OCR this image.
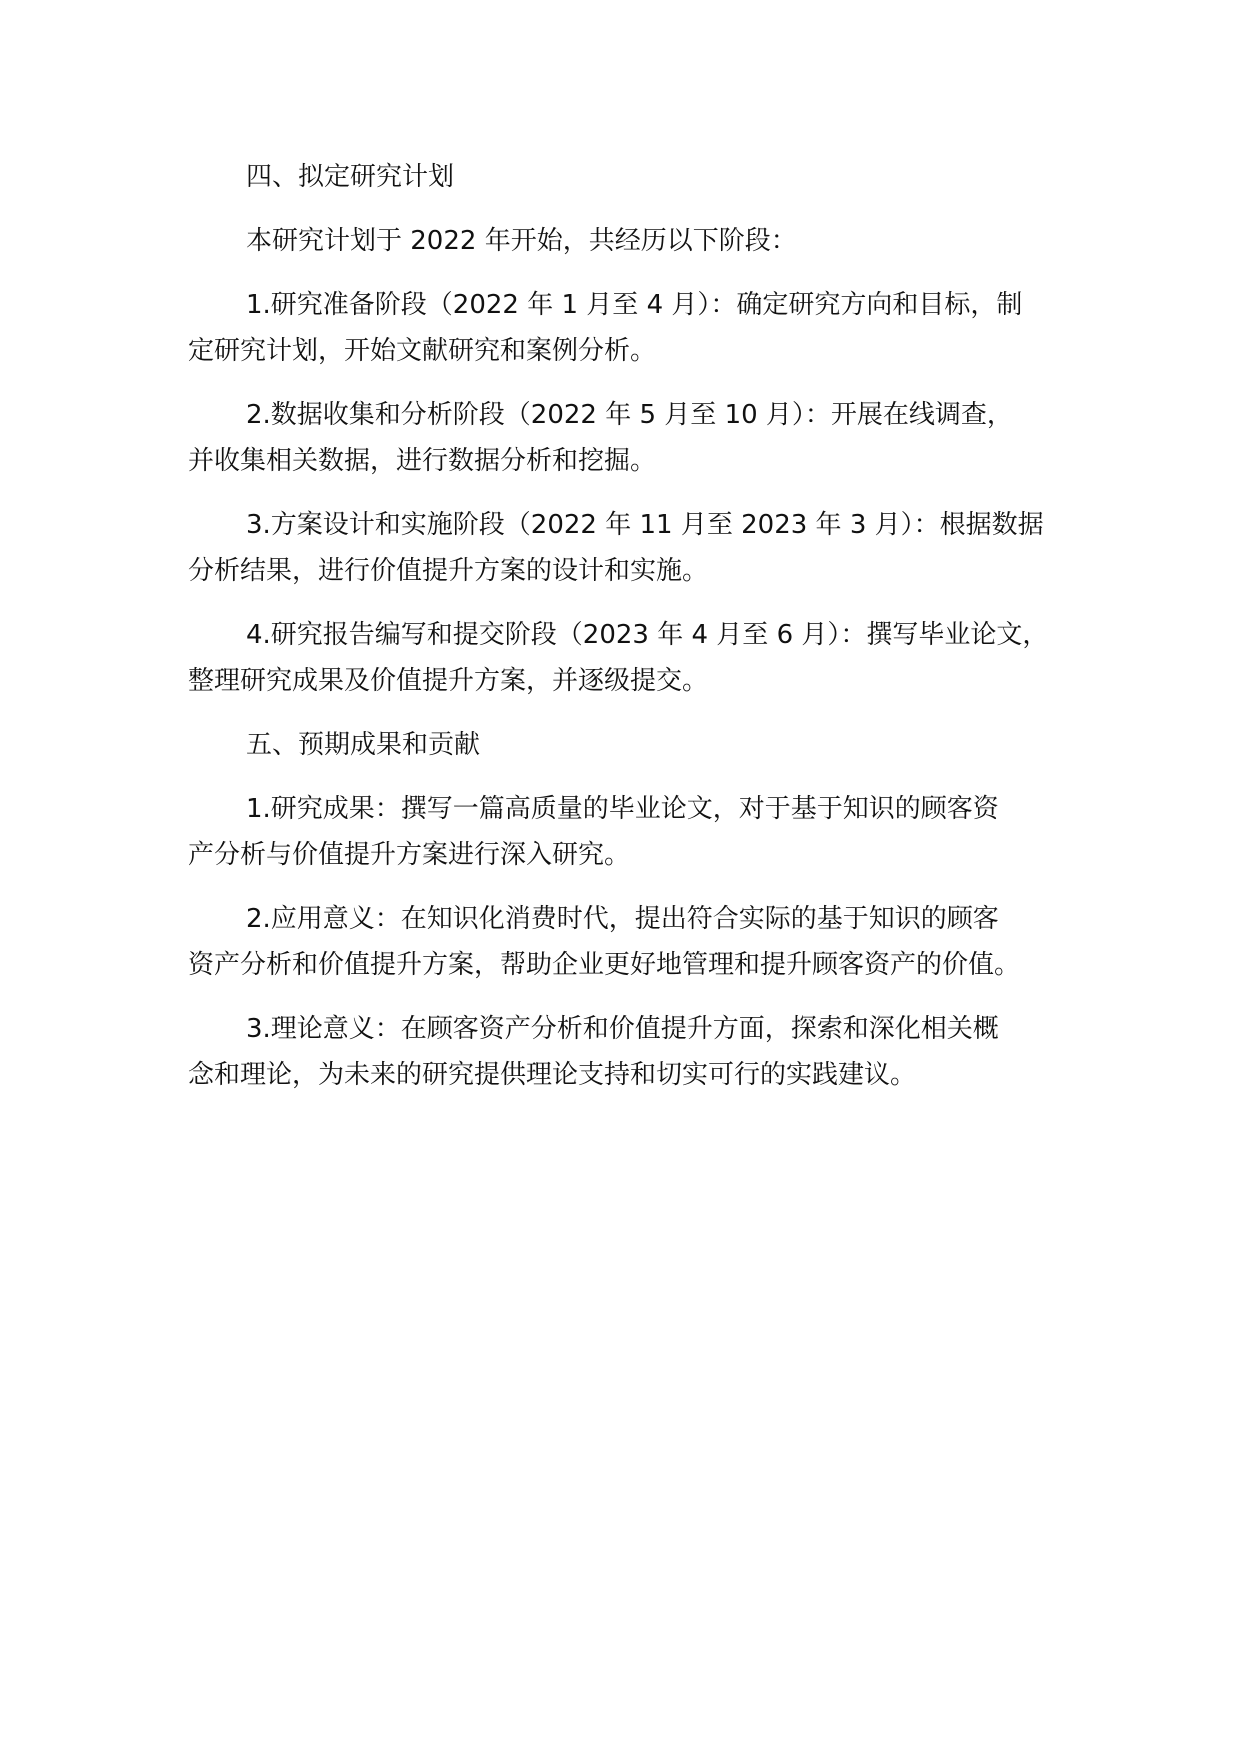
四、拟定研究计划

本研究计划于 2022 年开始，共经历以下阶段：

1.研究准备阶段（2022 年 1 月至 4 月）：确定研究方向和目标，制
定研究计划，开始文献研究和案例分析。
2.数据收集和分析阶段（2022 年 5 月至 10 月）：开展在线调查，
并收集相关数据，进行数据分析和挖掘。
3.方案设计和实施阶段（2022 年 11 月至 2023 年 3 月）：根据数据
分析结果，进行价值提升方案的设计和实施。
4.研究报告编写和提交阶段（2023 年 4 月至 6 月）：撰写毕业论文，
整理研究成果及价值提升方案，并逐级提交。

五、预期成果和贡献

1.研究成果：撰写一篇高质量的毕业论文，对于基于知识的顾客资
产分析与价值提升方案进行深入研究。
2.应用意义：在知识化消费时代，提出符合实际的基于知识的顾客
资产分析和价值提升方案，帮助企业更好地管理和提升顾客资产的价值。
3.理论意义：在顾客资产分析和价值提升方面，探索和深化相关概
念和理论，为未来的研究提供理论支持和切实可行的实践建议。
